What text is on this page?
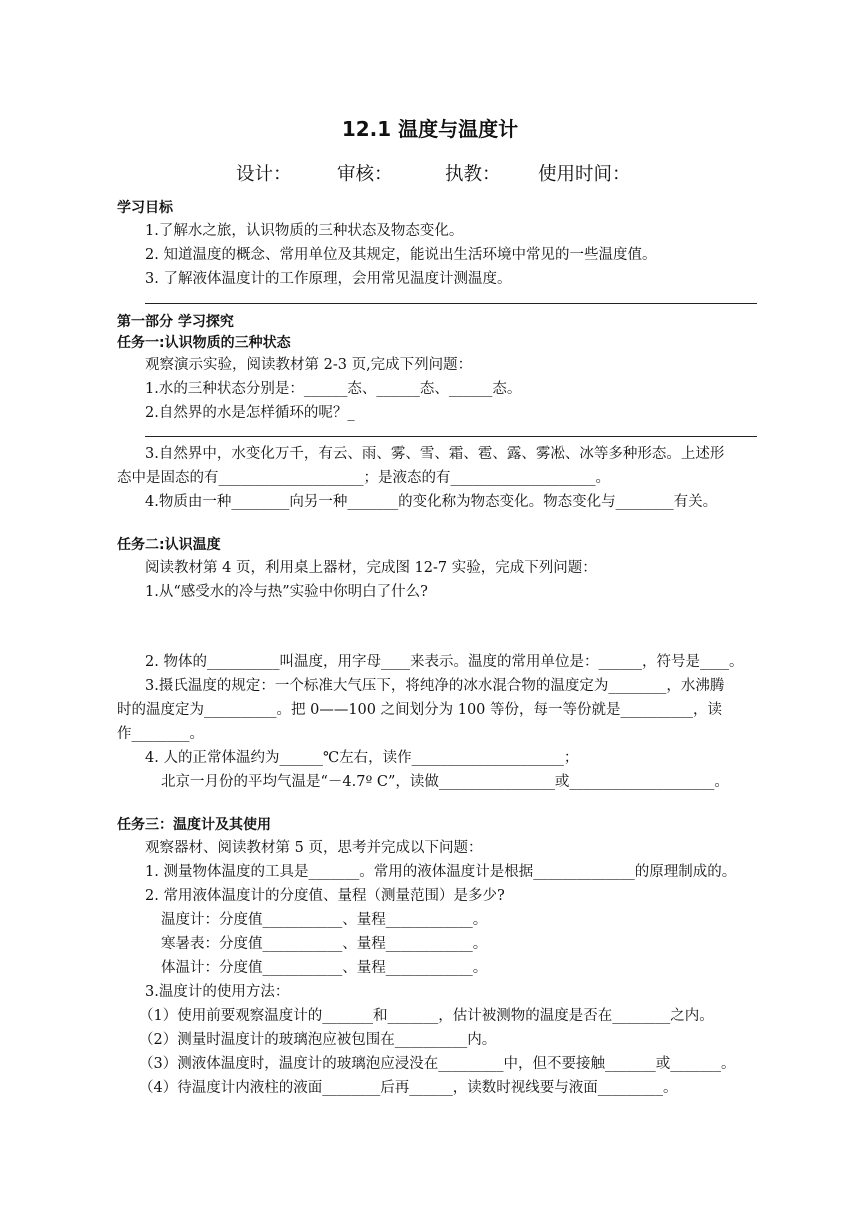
12.1 温度与温度计
设计： 审核：	执教： 使用时间：
学习目标
1.了解水之旅，认识物质的三种状态及物态变化。
2. 知道温度的概念、常用单位及其规定，能说出生活环境中常见的一些温度值。
3. 了解液体温度计的工作原理，会用常见温度计测温度。
第一部分 学习探究
任务一:认识物质的三种状态
观察演示实验，阅读教材第 2-3 页,完成下列问题：
1.水的三种状态分别是：______态、______态、______态。
2.自然界的水是怎样循环的呢？_
3.自然界中，水变化万千，有云、雨、雾、雪、霜、雹、露、雾凇、冰等多种形态。上述形
态中是固态的有____________________；是液态的有____________________。
4.物质由一种________向另一种_______的变化称为物态变化。物态变化与________有关。
任务二:认识温度
阅读教材第 4 页，利用桌上器材，完成图 12-7 实验，完成下列问题：
1.从“感受水的冷与热”实验中你明白了什么?
2. 物体的__________叫温度，用字母____来表示。温度的常用单位是：______，符号是____。
3.摄氏温度的规定：一个标准大气压下，将纯净的冰水混合物的温度定为________，水沸腾
时的温度定为__________。把 0——100 之间划分为 100 等份，每一等份就是__________，读
作________。
4. 人的正常体温约为______℃左右，读作_____________________；
北京一月份的平均气温是“－4.7º C”，读做________________或____________________。
任务三：温度计及其使用
观察器材、阅读教材第 5 页，思考并完成以下问题：
1. 测量物体温度的工具是_______。常用的液体温度计是根据______________的原理制成的。
2. 常用液体温度计的分度值、量程（测量范围）是多少?
温度计：分度值___________、量程____________。
寒暑表：分度值___________、量程____________。
体温计：分度值___________、量程____________。
3.温度计的使用方法：
（1）使用前要观察温度计的_______和_______，估计被测物的温度是否在________之内。
（2）测量时温度计的玻璃泡应被包围在__________内。
（3）测液体温度时，温度计的玻璃泡应浸没在_________中，但不要接触_______或_______。
（4）待温度计内液柱的液面________后再______，读数时视线要与液面_________。
